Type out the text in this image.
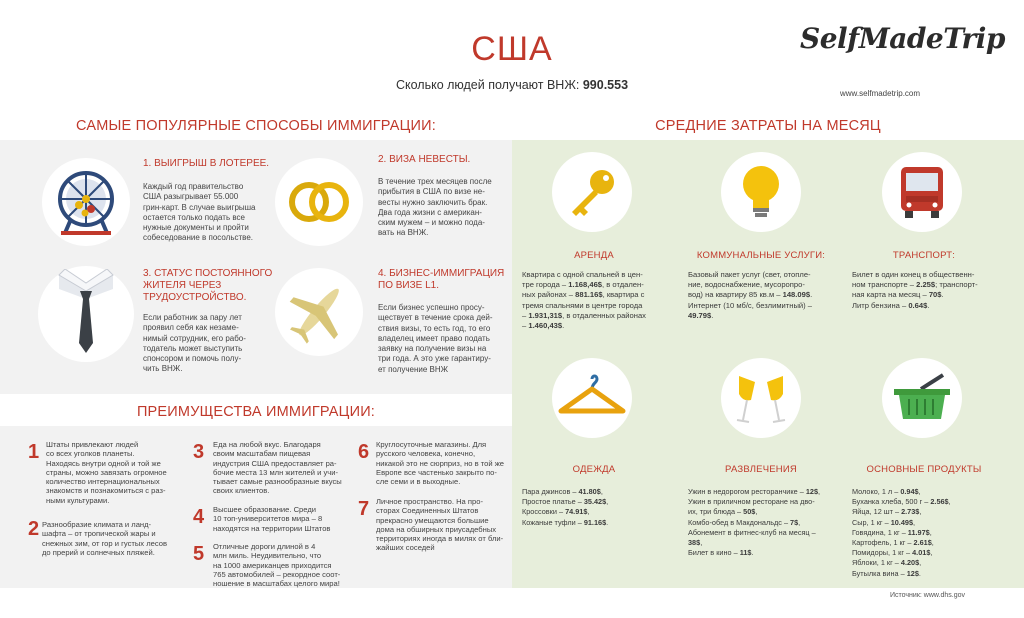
США
Сколько людей получают ВНЖ: 990.553
SelfMadeTrip
www.selfmadetrip.com
САМЫЕ ПОПУЛЯРНЫЕ СПОСОБЫ ИММИГРАЦИИ:	СРЕДНИЕ ЗАТРАТЫ НА МЕСЯЦ
ПРЕИМУЩЕСТВА ИММИГРАЦИИ:
1. ВЫИГРЫШ В ЛОТЕРЕЕ.
Каждый год правительство
США разыгрывает 55.000
грин-карт. В случае выигрыша
остается только подать все
нужные документы и пройти
собеседование в посольстве.
2. ВИЗА НЕВЕСТЫ.
В течение трех месяцев после
прибытия в США по визе не-
весты нужно заключить брак.
Два года жизни с американ-
ским мужем – и можно пода-
вать на ВНЖ.
3. СТАТУС ПОСТОЯННОГО
ЖИТЕЛЯ ЧЕРЕЗ
ТРУДОУСТРОЙСТВО.
Если работник за пару лет
проявил себя как незаме-
нимый сотрудник, его рабо-
тодатель может выступить
спонсором и помочь полу-
чить ВНЖ.
4. БИЗНЕС-ИММИГРАЦИЯ
ПО ВИЗЕ L1.
Если бизнес успешно просу-
ществует в течение срока дей-
ствия визы, то есть год, то его
владелец имеет право подать
заявку на получение визы на
три года. А это уже гарантиру-
ет получение ВНЖ
1 Штаты привлекают людей
со всех уголков планеты.
Находясь внутри одной и той же
страны, можно завязать огромное
количество интернациональных
знакомств и познакомиться с раз-
ными культурами.
2 Разнообразие климата и ланд-
шафта – от тропической жары и
снежных зим, от гор и густых лесов
до прерий и солнечных пляжей.
3 Еда на любой вкус. Благодаря
своим масштабам пищевая
индустрия США предоставляет ра-
бочие места 13 млн жителей и учи-
тывает самые разнообразные вкусы
своих клиентов.
4 Высшее образование. Среди
10 топ-университетов мира – 8
находятся на территории Штатов
5 Отличные дороги длиной в 4
млн миль. Неудивительно, что
на 1000 американцев приходится
765 автомобилей – рекордное соот-
ношение в масштабах целого мира!
6 Круглосуточные магазины. Для
русского человека, конечно,
никакой это не сюрприз, но в той же
Европе все частенько закрыто по-
сле семи и в выходные.
7 Личное пространство. На про-
сторах Соединенных Штатов
прекрасно умещаются большие
дома на обширных приусадебных
территориях иногда в милях от бли-
жайших соседей
АРЕНДА
Квартира с одной спальней в цен-
тре города – 1.168,46$, в отдален-
ных районах – 881.16$, квартира с
тремя спальнями в центре города
– 1.931,31$, в отдаленных районах
– 1.460,43$.
КОММУНАЛЬНЫЕ УСЛУГИ:
Базовый пакет услуг (свет, отопле-
ние, водоснабжение, мусоропро-
вод) на квартиру 85 кв.м – 148.09$.
Интернет (10 мб/с, безлимитный) –
49.79$.
ТРАНСПОРТ:
Билет в один конец в общественн-
ном транспорте – 2.25$; транспорт-
ная карта на месяц – 70$.
Литр бензина – 0.64$.
ОДЕЖДА
Пара джинсов – 41.80$,
Простое платье – 35.42$,
Кроссовки – 74.91$,
Кожаные туфли – 91.16$.
РАЗВЛЕЧЕНИЯ
Ужин в недорогом ресторанчике – 12$,
Ужин в приличном ресторане на дво-
их, три блюда – 50$,
Комбо-обед в Макдональдс – 7$,
Абонемент в фитнес-клуб на месяц –
38$,
Билет в кино – 11$.
ОСНОВНЫЕ ПРОДУКТЫ
Молоко, 1 л – 0.94$,
Буханка хлеба, 500 г – 2.56$,
Яйца, 12 шт – 2.73$,
Сыр, 1 кг – 10.49$,
Говядина, 1 кг – 11.97$,
Картофель, 1 кг – 2.61$,
Помидоры, 1 кг – 4.01$,
Яблоки, 1 кг – 4.20$,
Бутылка вина – 12$.
Источник: www.dhs.gov
